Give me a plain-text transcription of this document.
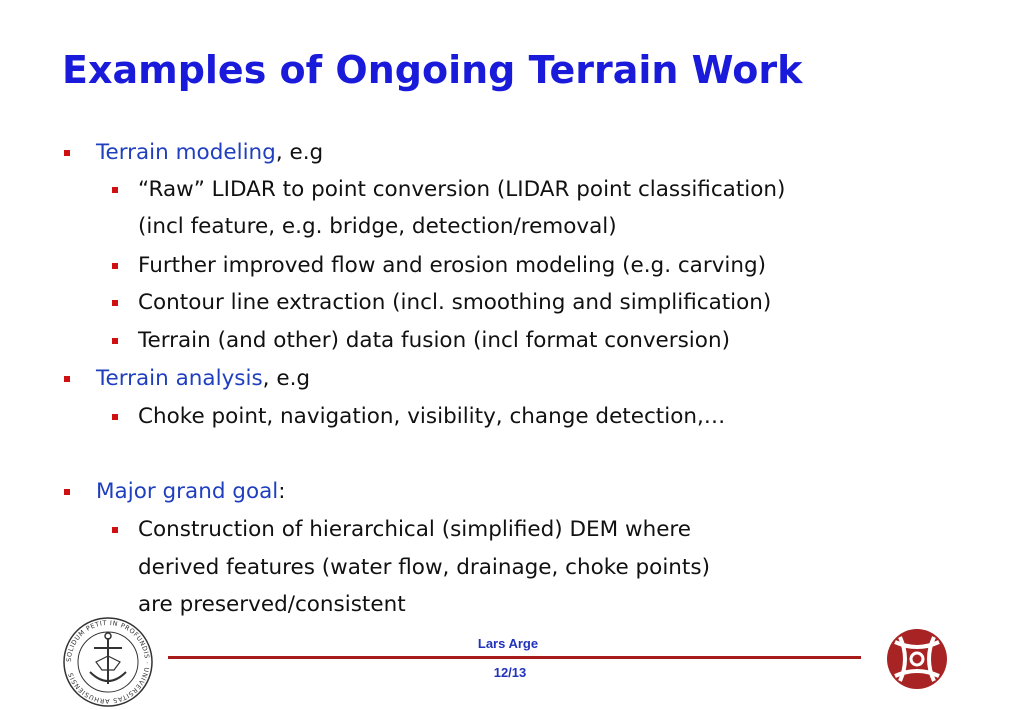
Examples of Ongoing Terrain Work
Terrain modeling, e.g
“Raw” LIDAR to point conversion (LIDAR point classification)
(incl feature, e.g. bridge, detection/removal)
Further improved flow and erosion modeling (e.g. carving)
Contour line extraction (incl. smoothing and simplification)
Terrain (and other) data fusion (incl format conversion)
Terrain analysis, e.g
Choke point, navigation, visibility, change detection,…
Major grand goal:
Construction of hierarchical (simplified) DEM where
derived features (water flow, drainage, choke points)
are preserved/consistent
SOLIDUM PETIT IN PROFUNDIS · UNIVERSITAS ARHUSIENSIS
Lars Arge
12/13
